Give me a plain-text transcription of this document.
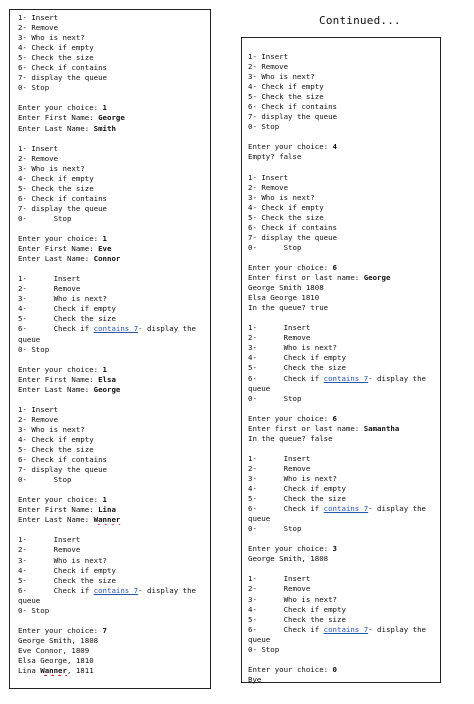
Continued...
1- Insert
2- Remove
3- Who is next?
4- Check if empty
5- Check the size
6- Check if contains
7- display the queue
0- Stop
Enter your choice: 1
Enter First Name: George
Enter Last Name: Smith
1- Insert
2- Remove
3- Who is next?
4- Check if empty
5- Check the size
6- Check if contains
7- display the queue
0-      Stop
Enter your choice: 1
Enter First Name: Eve
Enter Last Name: Connor
1-      Insert
2-      Remove
3-      Who is next?
4-      Check if empty
5-      Check the size
6-      Check if contains 7- display the
queue
0- Stop
Enter your choice: 1
Enter First Name: Elsa
Enter Last Name: George
1- Insert
2- Remove
3- Who is next?
4- Check if empty
5- Check the size
6- Check if contains
7- display the queue
0-      Stop
Enter your choice: 1
Enter First Name: Lina
Enter Last Name: Wanner
1-      Insert
2-      Remove
3-      Who is next?
4-      Check if empty
5-      Check the size
6-      Check if contains 7- display the
queue
0- Stop
Enter your choice: 7
George Smith, 1808
Eve Connor, 1809
Elsa George, 1810
Lina Wanner, 1811
1- Insert
2- Remove
3- Who is next?
4- Check if empty
5- Check the size
6- Check if contains
7- display the queue
0- Stop
Enter your choice: 4
Empty? false
1- Insert
2- Remove
3- Who is next?
4- Check if empty
5- Check the size
6- Check if contains
7- display the queue
0-      Stop
Enter your choice: 6
Enter first or last name: George
George Smith 1808
Elsa George 1810
In the queue? true
1-      Insert
2-      Remove
3-      Who is next?
4-      Check if empty
5-      Check the size
6-      Check if contains 7- display the
queue
0-      Stop
Enter your choice: 6
Enter first or last name: Samantha
In the queue? false
1-      Insert
2-      Remove
3-      Who is next?
4-      Check if empty
5-      Check the size
6-      Check if contains 7- display the
queue
0-      Stop
Enter your choice: 3
George Smith, 1808
1-      Insert
2-      Remove
3-      Who is next?
4-      Check if empty
5-      Check the size
6-      Check if contains 7- display the
queue
0- Stop
Enter your choice: 0
Bye
